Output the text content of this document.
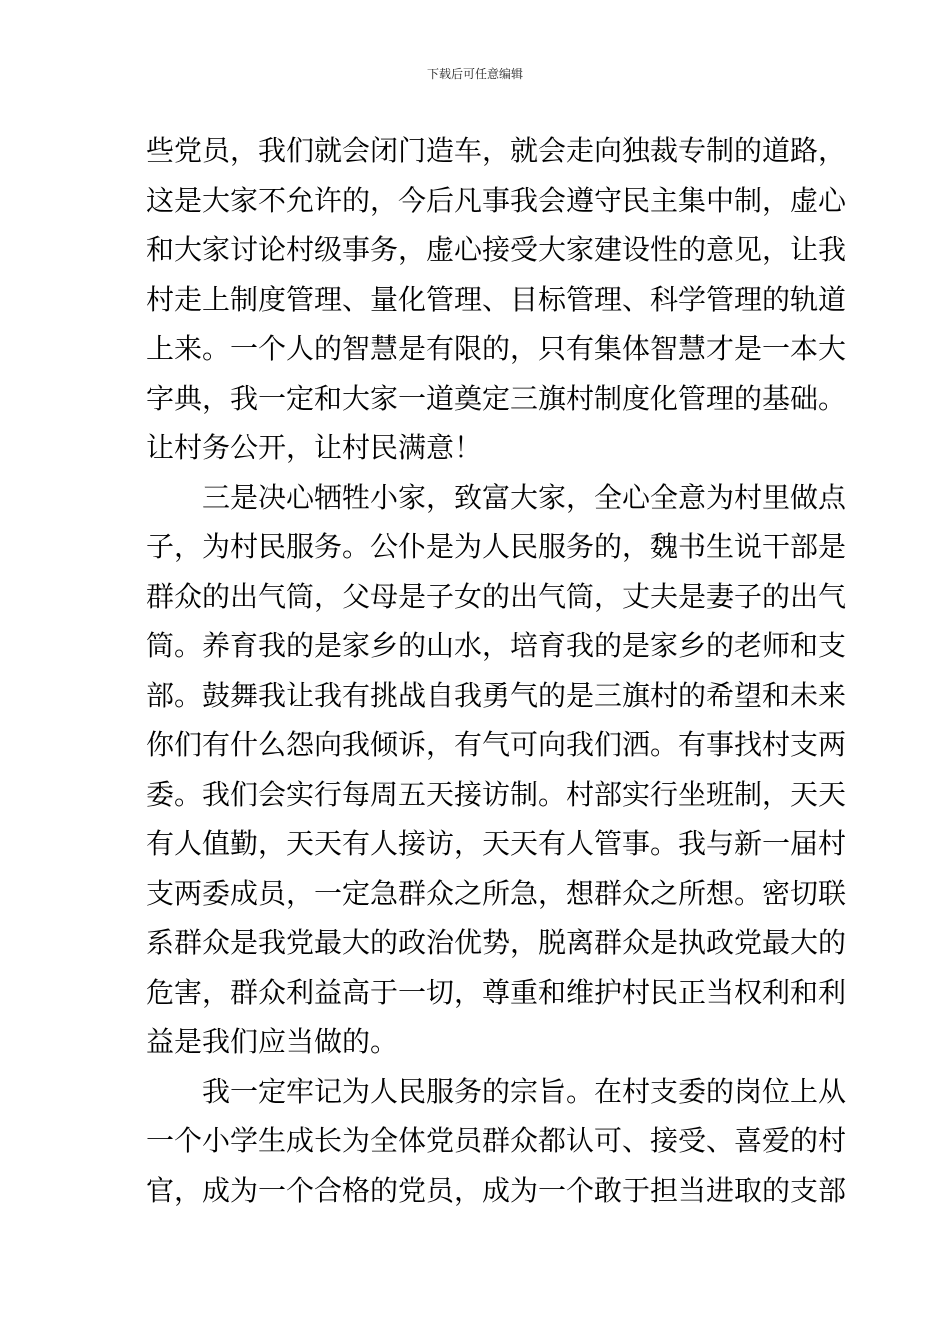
下载后可任意编辑

些党员，我们就会闭门造车，就会走向独裁专制的道路，
这是大家不允许的，今后凡事我会遵守民主集中制，虚心
和大家讨论村级事务，虚心接受大家建设性的意见，让我
村走上制度管理、量化管理、目标管理、科学管理的轨道
上来。一个人的智慧是有限的，只有集体智慧才是一本大
字典，我一定和大家一道奠定三旗村制度化管理的基础。
让村务公开，让村民满意！

三是决心牺牲小家，致富大家，全心全意为村里做点
子，为村民服务。公仆是为人民服务的，魏书生说干部是
群众的出气筒，父母是子女的出气筒，丈夫是妻子的出气
筒。养育我的是家乡的山水，培育我的是家乡的老师和支
部。鼓舞我让我有挑战自我勇气的是三旗村的希望和未来
你们有什么怨向我倾诉，有气可向我们洒。有事找村支两
委。我们会实行每周五天接访制。村部实行坐班制，天天
有人值勤，天天有人接访，天天有人管事。我与新一届村
支两委成员，一定急群众之所急，想群众之所想。密切联
系群众是我党最大的政治优势，脱离群众是执政党最大的
危害，群众利益高于一切，尊重和维护村民正当权利和利
益是我们应当做的。

我一定牢记为人民服务的宗旨。在村支委的岗位上从
一个小学生成长为全体党员群众都认可、接受、喜爱的村
官，成为一个合格的党员，成为一个敢于担当进取的支部
